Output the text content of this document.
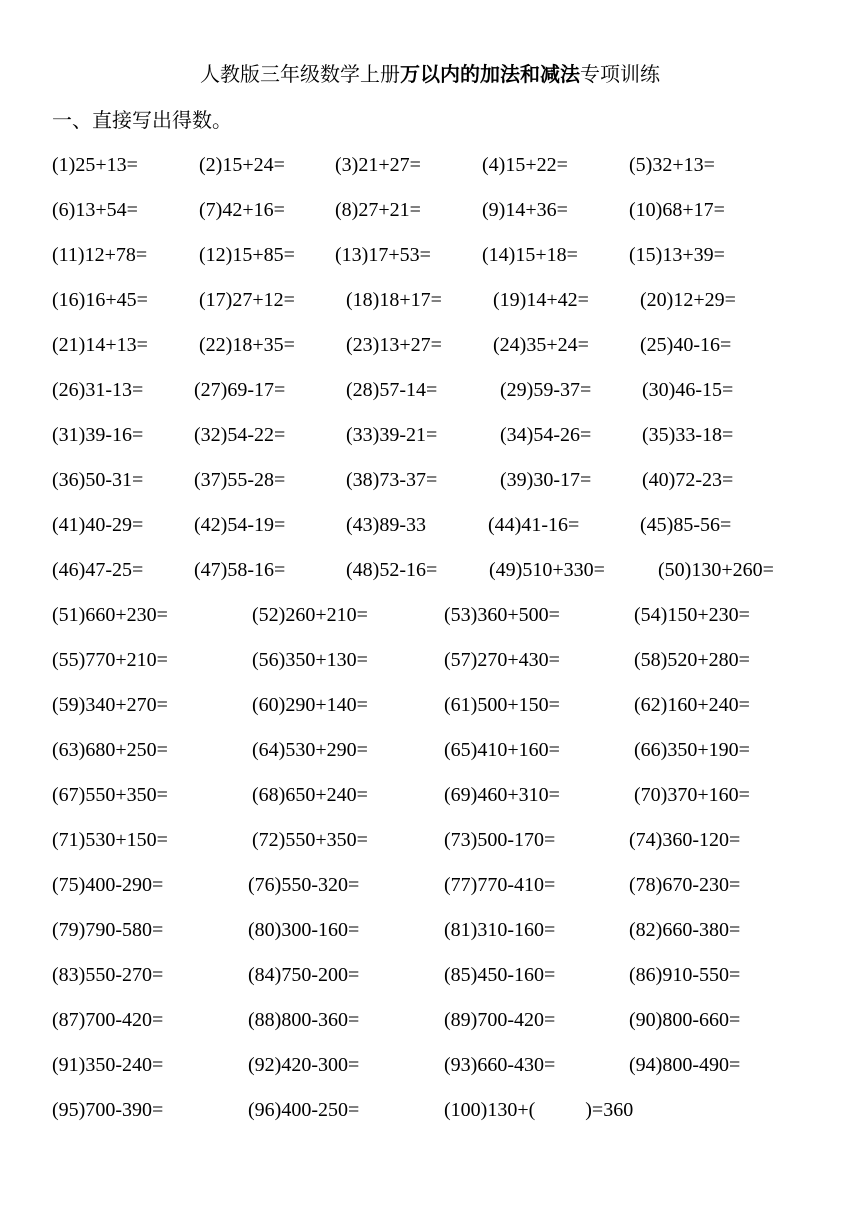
人教版三年级数学上册万以内的加法和减法专项训练
一、直接写出得数。
(1)25+13=	(2)15+24=	(3)21+27=	(4)15+22=	(5)32+13=
(6)13+54=	(7)42+16=	(8)27+21=	(9)14+36=	(10)68+17=
(11)12+78=	(12)15+85= (13)17+53=	(14)15+18=	(15)13+39=
(16)16+45=	(17)27+12=	(18)18+17=	(19)14+42=	(20)12+29=
(21)14+13=	(22)18+35=	(23)13+27=	(24)35+24=	(25)40-16=
(26)31-13=	(27)69-17=	(28)57-14=	(29)59-37=	(30)46-15=
(31)39-16=	(32)54-22=	(33)39-21=	(34)54-26=	(35)33-18=
(36)50-31=	(37)55-28=	(38)73-37=	(39)30-17=	(40)72-23=
(41)40-29=	(42)54-19=	(43)89-33	(44)41-16=	(45)85-56=
(46)47-25=	(47)58-16=	(48)52-16=	(49)510+330=	(50)130+260=
(51)660+230=	(52)260+210=	(53)360+500=	(54)150+230=
(55)770+210=	(56)350+130=	(57)270+430=	(58)520+280=
(59)340+270=	(60)290+140=	(61)500+150=	(62)160+240=
(63)680+250=	(64)530+290=	(65)410+160=	(66)350+190=
(67)550+350=	(68)650+240=	(69)460+310=	(70)370+160=
(71)530+150=	(72)550+350=	(73)500-170=	(74)360-120=
(75)400-290=	(76)550-320=	(77)770-410=	(78)670-230=
(79)790-580=	(80)300-160=	(81)310-160=	(82)660-380=
(83)550-270=	(84)750-200=	(85)450-160=	(86)910-550=
(87)700-420=	(88)800-360=	(89)700-420=	(90)800-660=
(91)350-240=	(92)420-300=	(93)660-430=	(94)800-490=
(95)700-390=	(96)400-250=	(100)130+(          )=360
